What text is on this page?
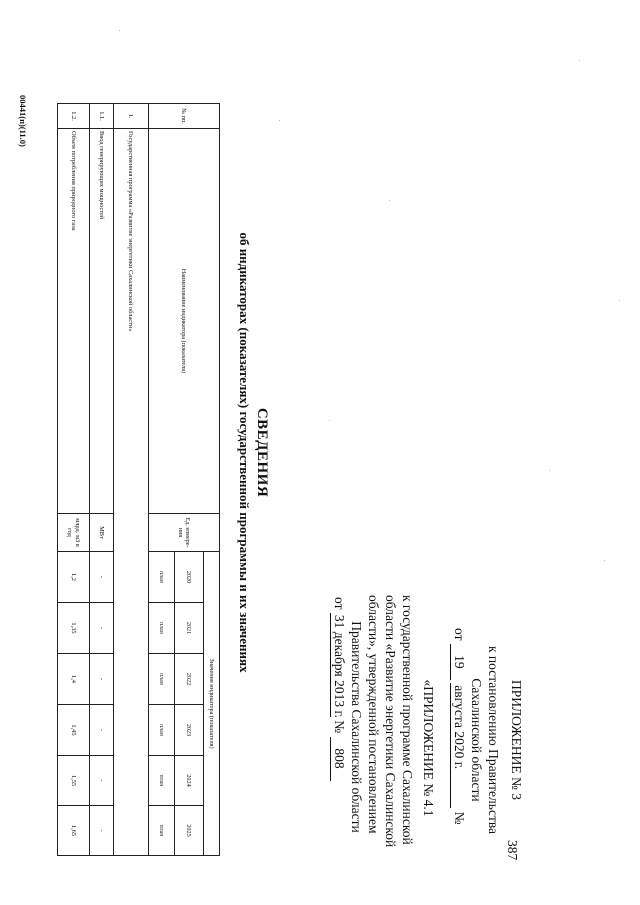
ПРИЛОЖЕНИЕ № 3
к постановлению Правительства
Сахалинской области
от 19 августа 2020 г.            №
387
«ПРИЛОЖЕНИЕ № 4.1
к государственной программе Сахалинской
области «Развитие энергетики Сахалинской
области», утвержденной постановлением
Правительства Сахалинской области
от 31 декабря 2013 г. № 808
СВЕДЕНИЯ
об индикаторах (показателях) государственной программы и их значениях
№ пп.	Наименование индикатора (показателя)	Ед. измере-ния	Значения индикатора (показателя)					
			2020	2021	2022	2023	2024	2025
			план	план	план	план	план	план
1.	Государственная программа «Развитие энергетики Сахалинской области»							
1.1.	Ввод генерирующих мощностей	МВт	-	-	-	-	-	-
1.2.	Объем потребления природного газа	млрд. м3 в год	1,2	1,35	1,4	1,45	1,55	1,65
00441(п)(11.0)
